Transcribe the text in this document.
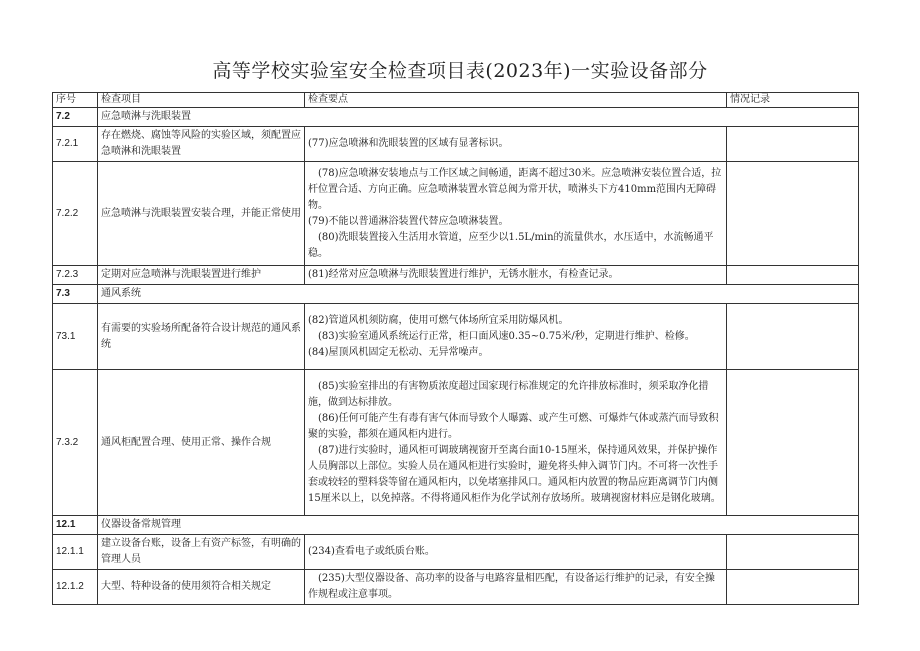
高等学校实验室安全检查项目表(2023年)一实验设备部分
序号	检查项目	检查要点	情况记录
7.2	应急喷淋与洗眼装置		
7.2.1	存在燃烧、腐蚀等风险的实验区域，须配置应急喷淋和洗眼装置	(77)应急喷淋和洗眼装置的区域有显著标识。	

7.2.2	应急喷淋与洗眼装置安装合理，并能正常使用	(78)应急喷淋安装地点与工作区域之间畅通，距离不超过30米。应急喷淋安装位置合适，拉杆位置合适、方向正确。应急喷淋装置水管总阀为常开状，喷淋头下方410mm范围内无障碍物。
(79)不能以普通淋浴装置代替应急喷淋装置。
(80)洗眼装置接入生活用水管道，应至少以1.5L/min的流量供水，水压适中，水流畅通平稳。	

7.2.3	定期对应急喷淋与洗眼装置进行维护	(81)经常对应急喷淋与洗眼装置进行维护，无锈水脏水，有检查记录。	

7.3	通风系统		
73.1	有需要的实验场所配备符合设计规范的通风系统	(82)管道风机须防腐，使用可燃气体场所宜采用防爆风机。
(83)实验室通风系统运行正常，柜口面风速0.35~0.75米/秒，定期进行维护、检修。
(84)屋顶风机固定无松动、无异常噪声。	

7.3.2	通风柜配置合理、使用正常、操作合规	(85)实验室排出的有害物质浓度超过国家现行标准规定的允许排放标准时，须采取净化措施，做到达标排放。
(86)任何可能产生有毒有害气体而导致个人曝露、或产生可燃、可爆炸气体或蒸汽而导致积聚的实验，都须在通风柜内进行。
(87)进行实验时，通风柜可调玻璃视窗开至离台面10-15厘米，保持通风效果，并保护操作人员胸部以上部位。实验人员在通风柜进行实验时，避免将头伸入调节门内。不可将一次性手套或较轻的塑料袋等留在通风柜内，以免堵塞排风口。通风柜内放置的物品应距离调节门内侧15厘米以上，以免掉落。不得将通风柜作为化学试剂存放场所。玻璃视窗材料应是钢化玻璃。	

12.1	仪器设备常规管理		
12.1.1	建立设备台账，设备上有资产标签，有明确的管理人员	(234)查看电子或纸质台账。	

12.1.2	大型、特种设备的使用须符合相关规定	(235)大型仪器设备、高功率的设备与电路容量相匹配，有设备运行维护的记录，有安全操作规程或注意事项。	
